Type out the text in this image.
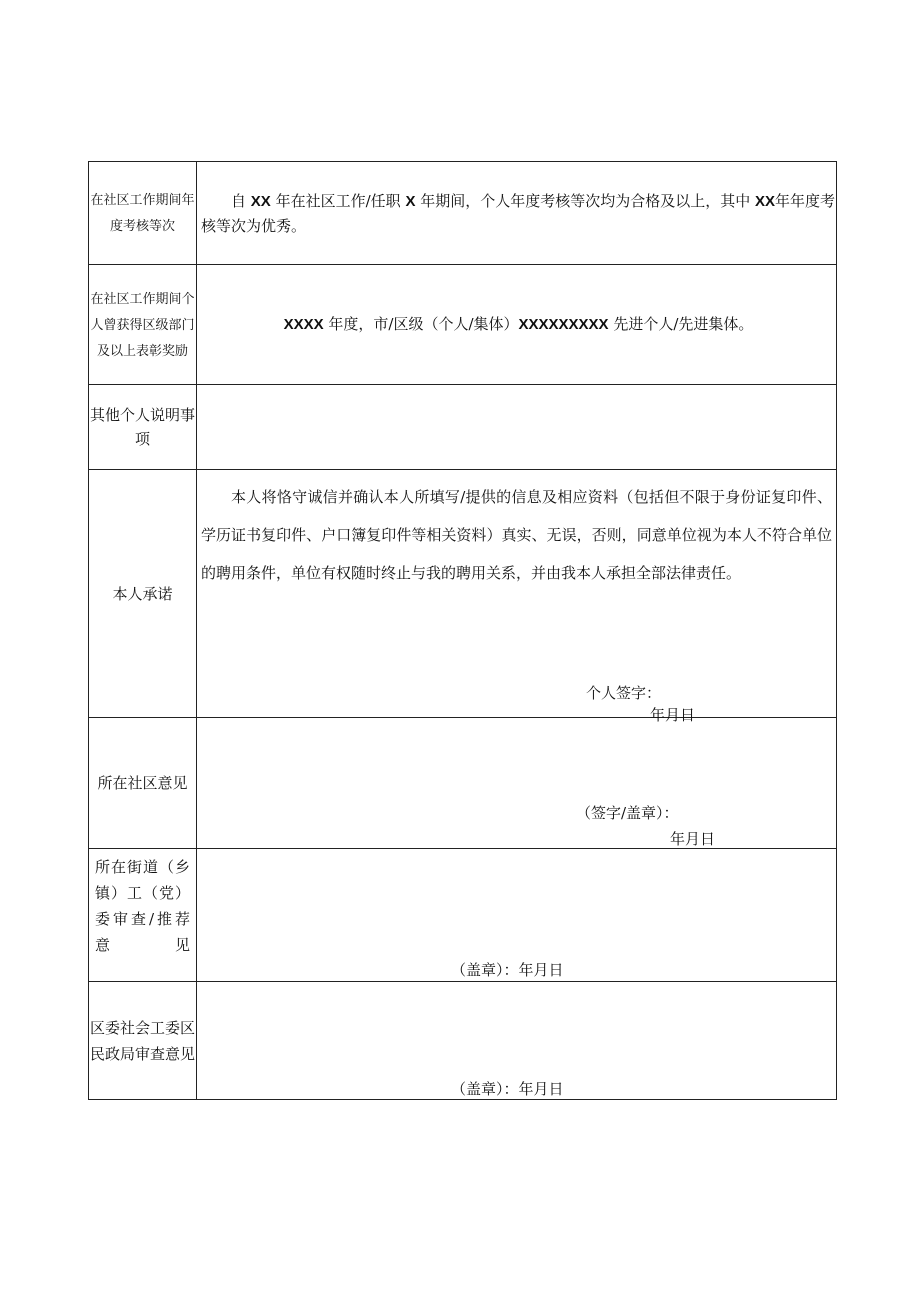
在社区工作期间年度考核等次	自 XX 年在社区工作/任职 X 年期间，个人年度考核等次均为合格及以上，其中 XX年年度考核等次为优秀。

在社区工作期间个人曾获得区级部门及以上表彰奖励	XXXX 年度，市/区级（个人/集体）XXXXXXXXX 先进个人/先进集体。

其他个人说明事项	
本人承诺	本人将恪守诚信并确认本人所填写/提供的信息及相应资料（包括但不限于身份证复印件、学历证书复印件、户口簿复印件等相关资料）真实、无误，否则，同意单位视为本人不符合单位的聘用条件，单位有权随时终止与我的聘用关系，并由我本人承担全部法律责任。

个人签字：
年月日

所在社区意见	（签字/盖章）：
年月日

所在街道（乡镇）工（党）委审查/推荐意见	（盖章）：年月日

区委社会工委区民政局审查意见	（盖章）：年月日
